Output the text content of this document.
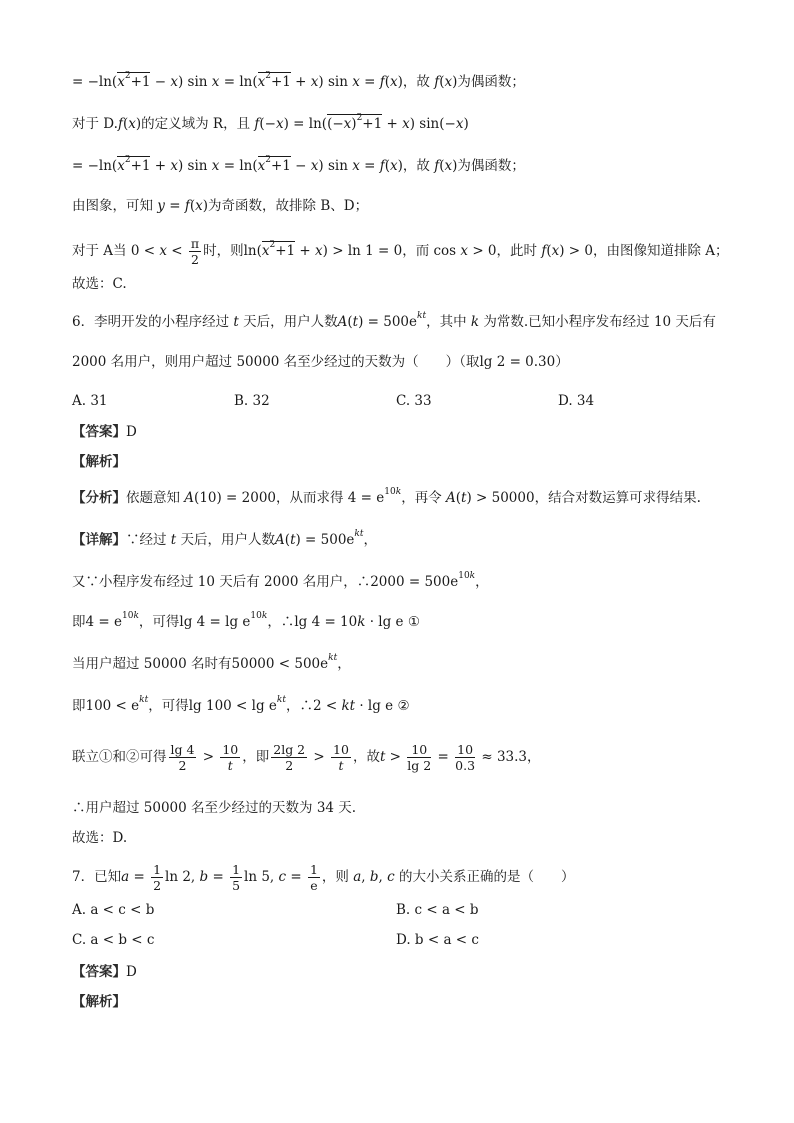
= $-\ln(x^2+1 - x)$ $\sin x = \ln(x^2+1 + x)$ sin x = f(x)，故 f(x)为偶函数；
对于 D.f(x)的定义域为 R，且 $f(-x) = \ln((-x)^2+1 + x)$ sin(−x)
= $-\ln(x^2+1 + x)$ $\sin x = \ln(x^2+1 - x)$ sin x = f(x)，故 f(x)为偶函数；
由图象，可知 y = f(x)为奇函数，故排除 B、D；
对于 A当 $0 < x < \frac{\pi}{2}$ 时，则$\ln(x^2+1 + x) > \ln 1 = 0$，而 cos x > 0，此时 f(x) > 0，由图像知道排除 A；
故选：C.
6．李明开发的小程序经过 t 天后，用户人数$A(t) = 500e^{kt}$，其中 k 为常数.已知小程序发布经过 10 天后有
2000 名用户，则用户超过 50000 名至少经过的天数为（　　）（取lg 2 = 0.30）
A. 31	B. 32	C. 33	D. 34
【答案】D
【解析】
【分析】依题意知 A(10) = 2000，从而求得 $4 = e^{10k}$，再令 A(t) > 50000，结合对数运算可求得结果.
【详解】∵经过 t 天后，用户人数$A(t) = 500e^{kt}$，
又∵小程序发布经过 10 天后有 2000 名用户，∴2000 = $500e^{10k}$，
即$4 = e^{10k}$，可得$\lg 4 = \lg e^{10k}$，∴lg 4 = 10k · lg e ①
当用户超过 50000 名时有$50000 < 500e^{kt}$，
即$100 < e^{kt}$，可得$\lg 100 < \lg e^{kt}$，∴2 < kt · lg e ②
联立①和②可得 $\frac{\lg 4}{2} > \frac{10}{t}$ ，即 $\frac{2\lg 2}{2} > \frac{10}{t}$ ，故$t > \frac{10}{\lg 2} = \frac{10}{0.3} \approx 33.3$，
∴用户超过 50000 名至少经过的天数为 34 天.
故选：D.
7．已知$a = \frac{1}{2}$ ln 2, $b = \frac{1}{5}$ ln 5, $c = \frac{1}{e}$ ，则 a, b, c 的大小关系正确的是（　　）
A. a < c < b	B. c < a < b
C. a < b < c	D. b < a < c
【答案】D
【解析】
